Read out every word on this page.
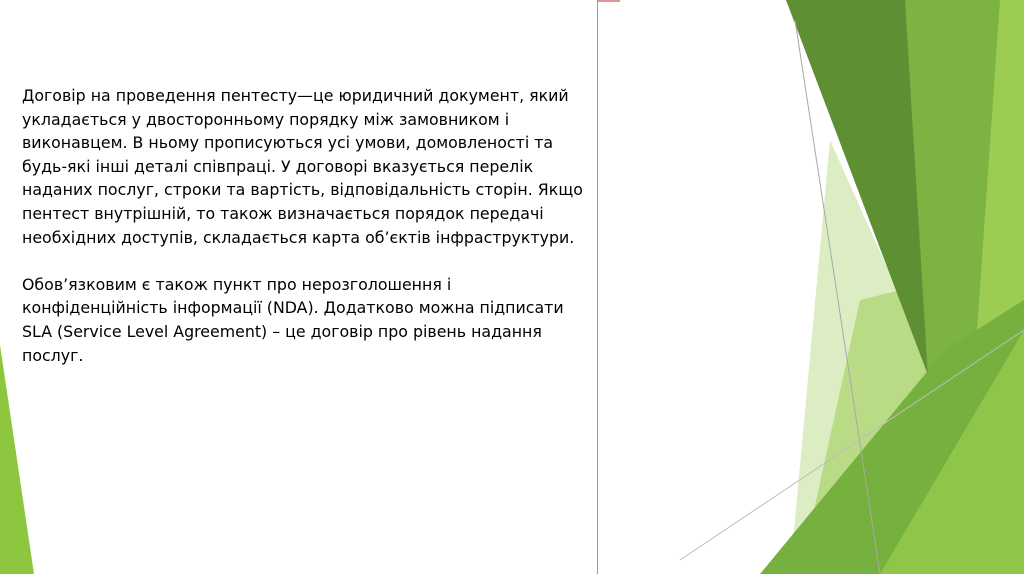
Договір на проведення пентесту—це юридичний документ, який
укладається у двосторонньому порядку між замовником і
виконавцем. В ньому прописуються усі умови, домовленості та
будь-які інші деталі співпраці. У договорі вказується перелік
наданих послуг, строки та вартість, відповідальність сторін. Якщо
пентест внутрішній, то також визначається порядок передачі
необхідних доступів, складається карта об’єктів інфраструктури.

Обов’язковим є також пункт про нерозголошення і
конфіденційність інформації (NDA). Додатково можна підписати
SLA (Service Level Agreement) – це договір про рівень надання
послуг.
